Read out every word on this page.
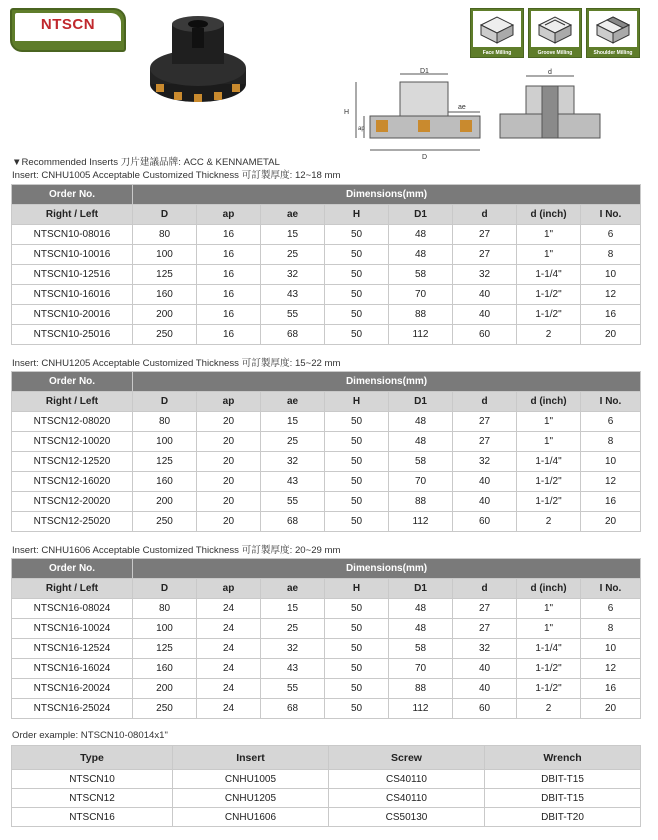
NTSCN
Face Milling	Groove Milling	Shoulder Milling
D1
D
H
ap
ae
d
▼Recommended Inserts 刀片建議品牌: ACC & KENNAMETAL
Insert: CNHU1005 Acceptable Customized Thickness 可訂製厚度: 12~18 mm
Order No.	Dimensions(mm)							
Right / Left	D	ap	ae	H	D1	d	d (inch)	I No.
NTSCN10-08016	80	16	15	50	48	27	1"	6
NTSCN10-10016	100	16	25	50	48	27	1"	8
NTSCN10-12516	125	16	32	50	58	32	1-1/4"	10
NTSCN10-16016	160	16	43	50	70	40	1-1/2"	12
NTSCN10-20016	200	16	55	50	88	40	1-1/2"	16
NTSCN10-25016	250	16	68	50	112	60	2	20
Insert: CNHU1205 Acceptable Customized Thickness 可訂製厚度: 15~22 mm
Order No.	Dimensions(mm)							
Right / Left	D	ap	ae	H	D1	d	d (inch)	I No.
NTSCN12-08020	80	20	15	50	48	27	1"	6
NTSCN12-10020	100	20	25	50	48	27	1"	8
NTSCN12-12520	125	20	32	50	58	32	1-1/4"	10
NTSCN12-16020	160	20	43	50	70	40	1-1/2"	12
NTSCN12-20020	200	20	55	50	88	40	1-1/2"	16
NTSCN12-25020	250	20	68	50	112	60	2	20
Insert: CNHU1606 Acceptable Customized Thickness 可訂製厚度: 20~29 mm
Order No.	Dimensions(mm)							
Right / Left	D	ap	ae	H	D1	d	d (inch)	I No.
NTSCN16-08024	80	24	15	50	48	27	1"	6
NTSCN16-10024	100	24	25	50	48	27	1"	8
NTSCN16-12524	125	24	32	50	58	32	1-1/4"	10
NTSCN16-16024	160	24	43	50	70	40	1-1/2"	12
NTSCN16-20024	200	24	55	50	88	40	1-1/2"	16
NTSCN16-25024	250	24	68	50	112	60	2	20
Order example: NTSCN10-08014x1"
Type	Insert	Screw	Wrench
NTSCN10	CNHU1005	CS40110	DBIT-T15
NTSCN12	CNHU1205	CS40110	DBIT-T15
NTSCN16	CNHU1606	CS50130	DBIT-T20
